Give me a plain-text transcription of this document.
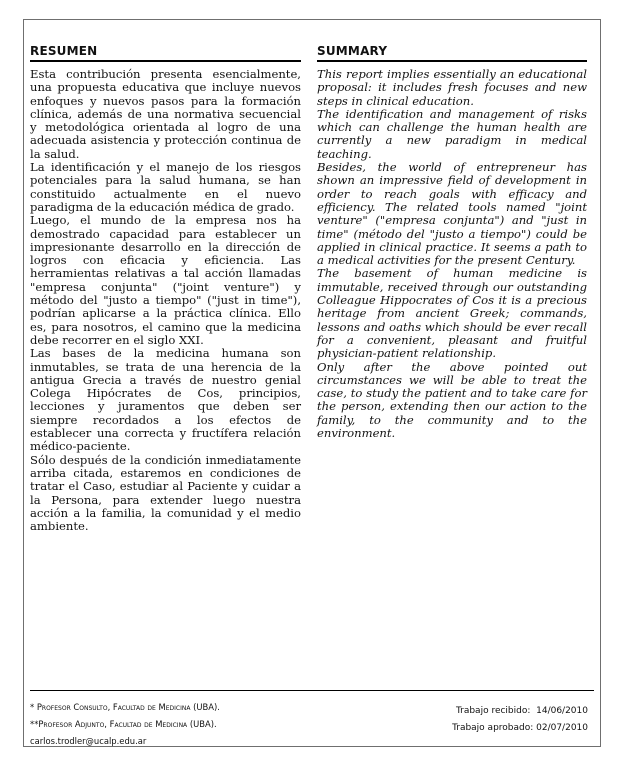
RESUMEN

Esta contribución presenta esencialmente, una propuesta educativa que incluye nuevos enfoques y nuevos pasos para la formación clínica, además de una normativa secuencial y metodológica orientada al logro de una adecuada asistencia y protección continua de la salud.

La identificación y el manejo de los riesgos potenciales para la salud humana, se han constituido actualmente en el nuevo paradigma de la educación médica de grado.

Luego, el mundo de la empresa nos ha demostrado capacidad para establecer un impresionante desarrollo en la dirección de logros con eficacia y eficiencia. Las herramientas relativas a tal acción llamadas "empresa conjunta" ("joint venture") y método del "justo a tiempo" ("just in time"), podrían aplicarse a la práctica clínica. Ello es, para nosotros, el camino que la medicina debe recorrer en el siglo XXI.

Las bases de la medicina humana son inmutables, se trata de una herencia de la antigua Grecia a través de nuestro genial Colega Hipócrates de Cos, principios, lecciones y juramentos que deben ser siempre recordados a los efectos de establecer una correcta y fructífera relación médico-paciente.

Sólo después de la condición inmediatamente arriba citada, estaremos en condiciones de tratar el Caso, estudiar al Paciente y cuidar a la Persona, para extender luego nuestra acción a la familia, la comunidad y el medio ambiente.

SUMMARY

This report implies essentially an educational proposal: it includes fresh focuses and new steps in clinical education.

The identification and management of risks which can challenge the human health are currently a new paradigm in medical teaching.

Besides, the world of entrepreneur has shown an impressive field of development in order to reach goals with efficacy and efficiency. The related tools named "joint venture" ("empresa conjunta") and "just in time" (método del "justo a tiempo") could be applied in clinical practice. It seems a path to a medical activities for the present Century.

The basement of human medicine is immutable, received through our outstanding Colleague Hippocrates of Cos it is a precious heritage from ancient Greek; commands, lessons and oaths which should be ever recall for a convenient, pleasant and fruitful physician-patient relationship.

Only after the above pointed out circumstances we will be able to treat the case, to study the patient and to take care for the person, extending then our action to the family, to the community and to the environment.

* Profesor Consulto, Facultad de Medicina (UBA).
**Profesor Adjunto, Facultad de Medicina (UBA).
carlos.trodler@ucalp.edu.ar
Trabajo recibido:  14/06/2010
Trabajo aprobado: 02/07/2010
